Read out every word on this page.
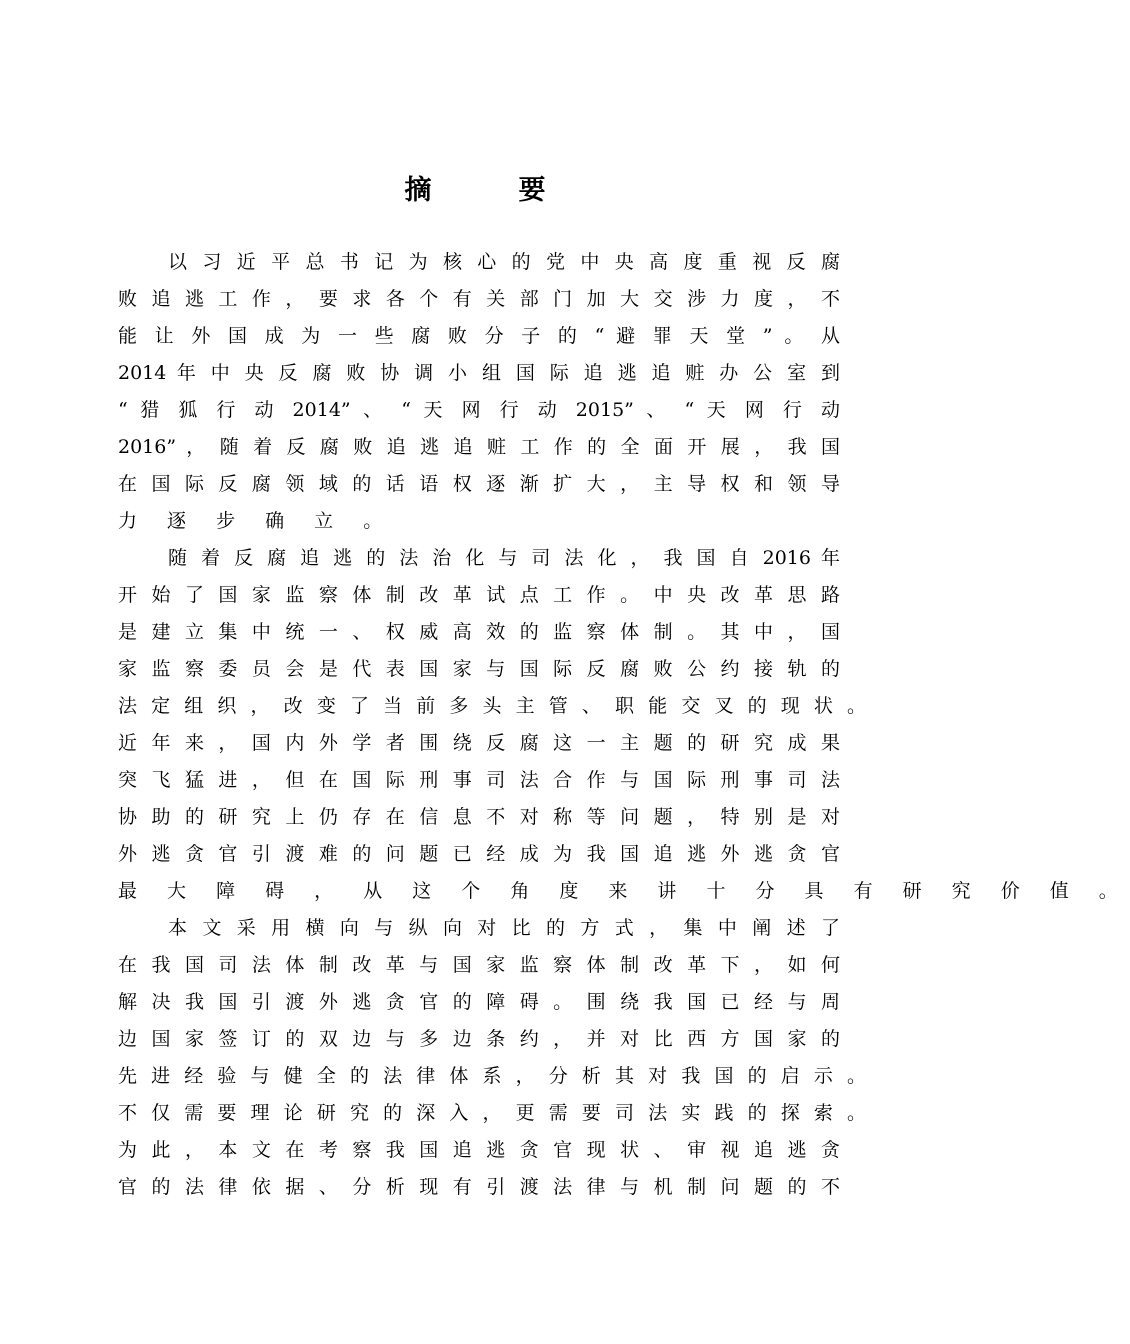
摘　要
以 习 近 平 总 书 记 为 核 心 的 党 中 央 高 度 重 视 反 腐
败 追 逃 工 作 ， 要 求 各 个 有 关 部 门 加 大 交 涉 力 度 ， 不
能 让 外 国 成 为 一 些 腐 败 分 子 的 “ 避 罪 天 堂 ” 。 从
2014 年 中 央 反 腐 败 协 调 小 组 国 际 追 逃 追 赃 办 公 室 到
“ 猎 狐 行 动 2014” 、 “ 天 网 行 动 2015” 、 “ 天 网 行 动
2016” ， 随 着 反 腐 败 追 逃 追 赃 工 作 的 全 面 开 展 ， 我 国
在 国 际 反 腐 领 域 的 话 语 权 逐 渐 扩 大 ， 主 导 权 和 领 导
力 逐 步 确 立 。
随 着 反 腐 追 逃 的 法 治 化 与 司 法 化 ， 我 国 自 2016 年
开 始 了 国 家 监 察 体 制 改 革 试 点 工 作 。 中 央 改 革 思 路
是 建 立 集 中 统 一 、 权 威 高 效 的 监 察 体 制 。 其 中 ， 国
家 监 察 委 员 会 是 代 表 国 家 与 国 际 反 腐 败 公 约 接 轨 的
法 定 组 织 ， 改 变 了 当 前 多 头 主 管 、 职 能 交 叉 的 现 状 。
近 年 来 ， 国 内 外 学 者 围 绕 反 腐 这 一 主 题 的 研 究 成 果
突 飞 猛 进 ， 但 在 国 际 刑 事 司 法 合 作 与 国 际 刑 事 司 法
协 助 的 研 究 上 仍 存 在 信 息 不 对 称 等 问 题 ， 特 别 是 对
外 逃 贪 官 引 渡 难 的 问 题 已 经 成 为 我 国 追 逃 外 逃 贪 官
最 大 障 碍 ， 从 这 个 角 度 来 讲 十 分 具 有 研 究 价 值 。
本 文 采 用 横 向 与 纵 向 对 比 的 方 式 ， 集 中 阐 述 了
在 我 国 司 法 体 制 改 革 与 国 家 监 察 体 制 改 革 下 ， 如 何
解 决 我 国 引 渡 外 逃 贪 官 的 障 碍 。 围 绕 我 国 已 经 与 周
边 国 家 签 订 的 双 边 与 多 边 条 约 ， 并 对 比 西 方 国 家 的
先 进 经 验 与 健 全 的 法 律 体 系 ， 分 析 其 对 我 国 的 启 示 。
不 仅 需 要 理 论 研 究 的 深 入 ， 更 需 要 司 法 实 践 的 探 索 。
为 此 ， 本 文 在 考 察 我 国 追 逃 贪 官 现 状 、 审 视 追 逃 贪
官 的 法 律 依 据 、 分 析 现 有 引 渡 法 律 与 机 制 问 题 的 不
